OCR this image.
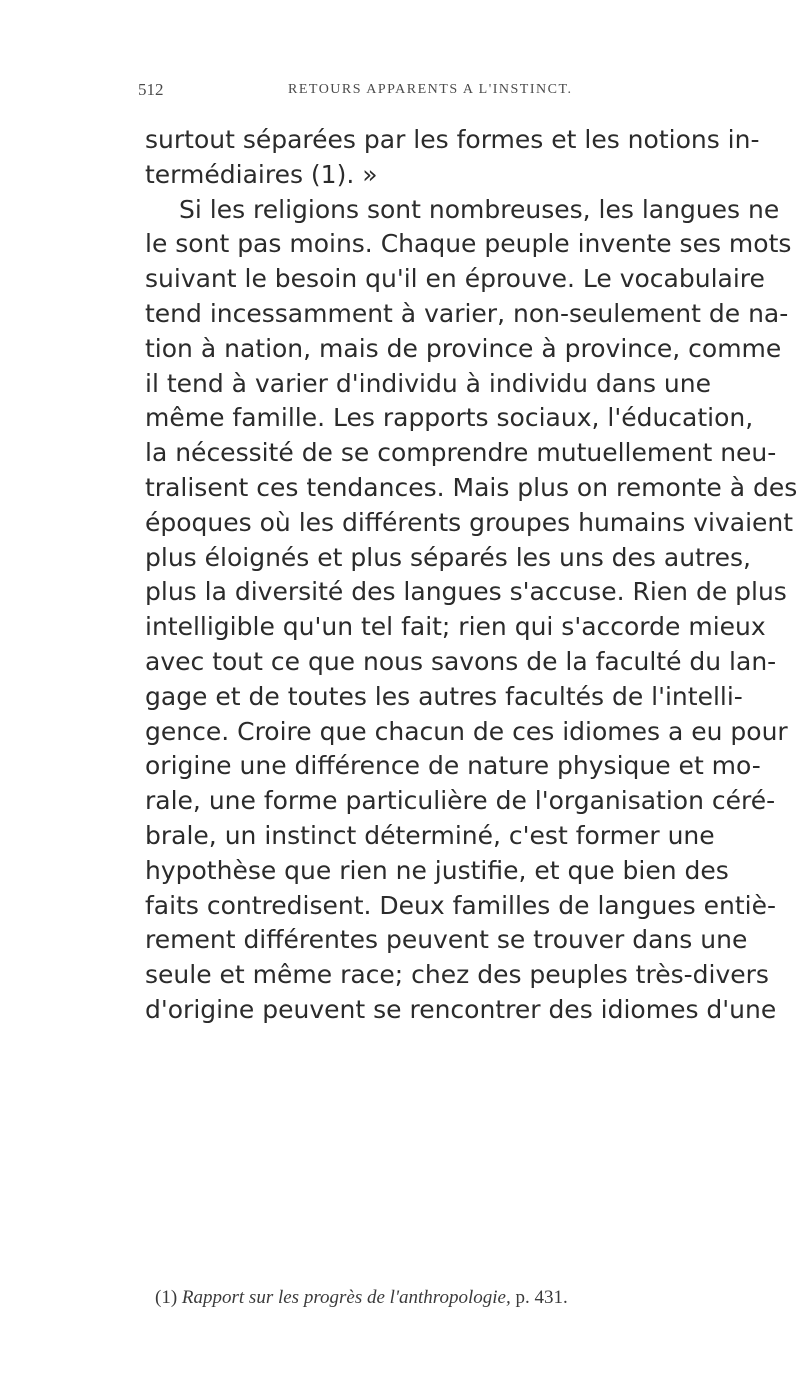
512	RETOURS APPARENTS A L'INSTINCT.
surtout séparées par les formes et les notions in-
termédiaires (1). »
Si les religions sont nombreuses, les langues ne
le sont pas moins. Chaque peuple invente ses mots
suivant le besoin qu'il en éprouve. Le vocabulaire
tend incessamment à varier, non-seulement de na-
tion à nation, mais de province à province, comme
il tend à varier d'individu à individu dans une
même famille. Les rapports sociaux, l'éducation,
la nécessité de se comprendre mutuellement neu-
tralisent ces tendances. Mais plus on remonte à des
époques où les différents groupes humains vivaient
plus éloignés et plus séparés les uns des autres,
plus la diversité des langues s'accuse. Rien de plus
intelligible qu'un tel fait; rien qui s'accorde mieux
avec tout ce que nous savons de la faculté du lan-
gage et de toutes les autres facultés de l'intelli-
gence. Croire que chacun de ces idiomes a eu pour
origine une différence de nature physique et mo-
rale, une forme particulière de l'organisation céré-
brale, un instinct déterminé, c'est former une
hypothèse que rien ne justifie, et que bien des
faits contredisent. Deux familles de langues entiè-
rement différentes peuvent se trouver dans une
seule et même race; chez des peuples très-divers
d'origine peuvent se rencontrer des idiomes d'une
(1) Rapport sur les progrès de l'anthropologie, p. 431.
